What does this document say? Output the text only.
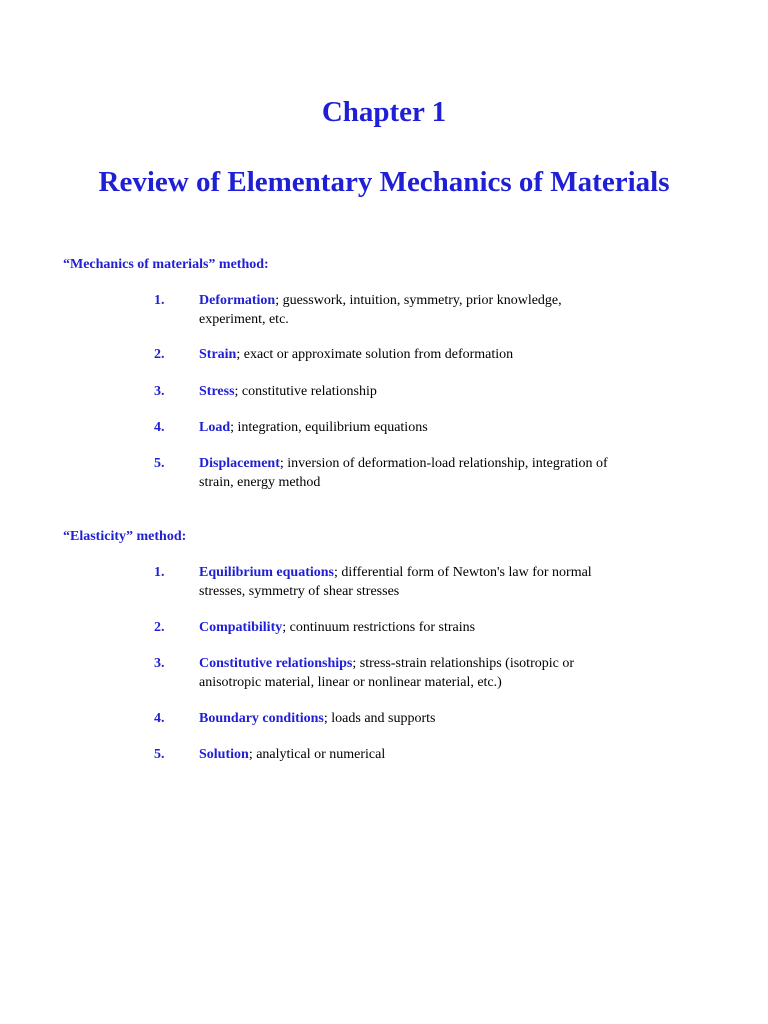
Chapter 1
Review of Elementary Mechanics of Materials
“Mechanics of materials” method:
1. Deformation; guesswork, intuition, symmetry, prior knowledge, experiment, etc.
2. Strain; exact or approximate solution from deformation
3. Stress; constitutive relationship
4. Load; integration, equilibrium equations
5. Displacement; inversion of deformation-load relationship, integration of strain, energy method
“Elasticity” method:
1. Equilibrium equations; differential form of Newton's law for normal stresses, symmetry of shear stresses
2. Compatibility; continuum restrictions for strains
3. Constitutive relationships; stress-strain relationships (isotropic or anisotropic material, linear or nonlinear material, etc.)
4. Boundary conditions; loads and supports
5. Solution; analytical or numerical
